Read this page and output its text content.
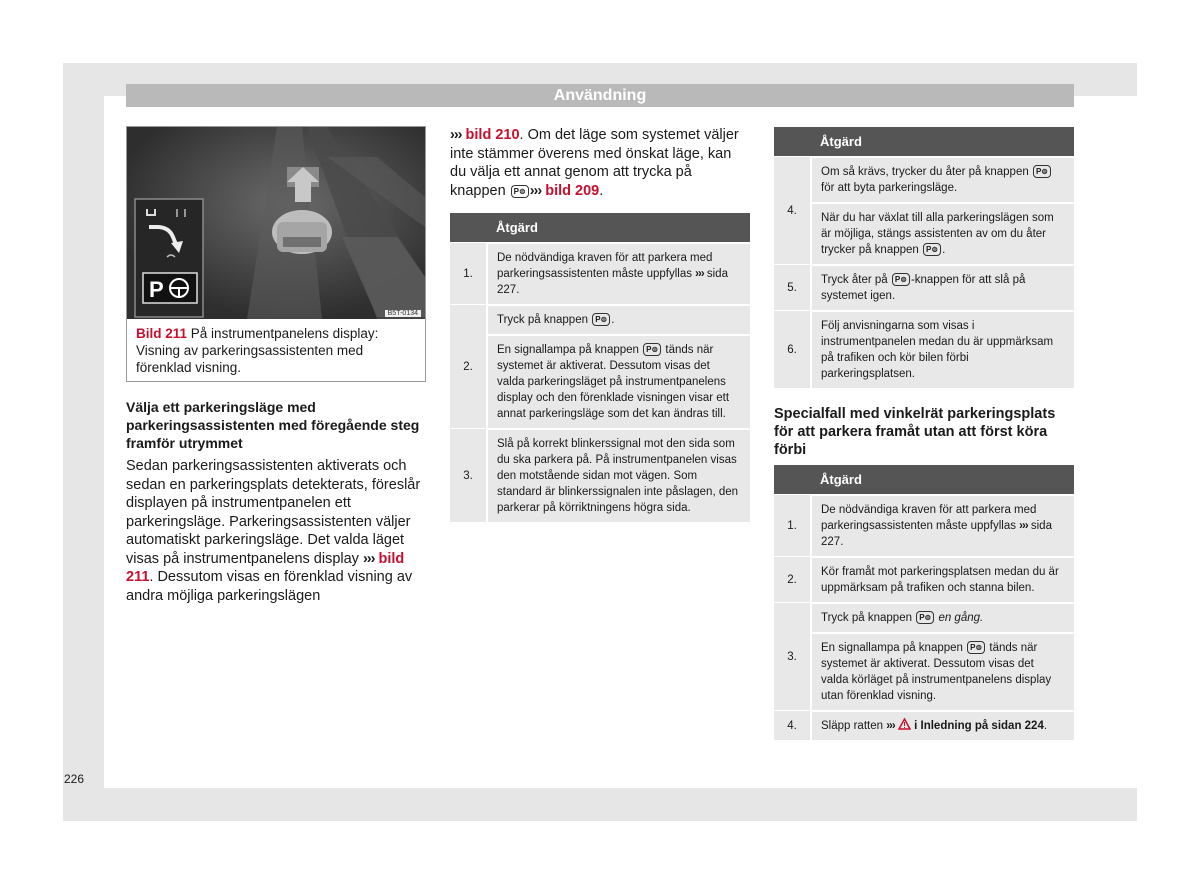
Användning
P
B5T-0134
Bild 211 På instrumentpanelens display: Visning av parkeringsassistenten med förenklad visning.
Välja ett parkeringsläge med parkeringsassistenten med föregående steg framför utrymmet

Sedan parkeringsassistenten aktiverats och sedan en parkeringsplats detekterats, föreslår displayen på instrumentpanelen ett parkeringsläge. Parkeringsassistenten väljer automatiskt parkeringsläge. Det valda läget visas på instrumentpanelens display ››› bild 211. Dessutom visas en förenklad visning av andra möjliga parkeringslägen

››› bild 210. Om det läge som systemet väljer inte stämmer överens med önskat läge, kan du välja ett annat genom att trycka på knappen P⊜ ››› bild 209.

	Åtgärd
1.	De nödvändiga kraven för att parkera med parkeringsassistenten måste uppfyllas ››› sida 227.
2.	Tryck på knappen P⊜ .
	En signallampa på knappen P⊜ tänds när systemet är aktiverat. Dessutom visas det valda parkeringsläget på instrumentpanelens display och den förenklade visningen visar ett annat parkeringsläge som det kan ändras till.
3.	Slå på korrekt blinkerssignal mot den sida som du ska parkera på. På instrumentpanelen visas den motstående sidan mot vägen. Som standard är blinkerssignalen inte påslagen, den parkerar på körriktningens högra sida.
	Åtgärd
4.	Om så krävs, trycker du åter på knappen P⊜ för att byta parkeringsläge.
	När du har växlat till alla parkeringslägen som är möjliga, stängs assistenten av om du åter trycker på knappen P⊜ .
5.	Tryck åter på P⊜ -knappen för att slå på systemet igen.
6.	Följ anvisningarna som visas i instrumentpanelen medan du är uppmärksam på trafiken och kör bilen förbi parkeringsplatsen.
Specialfall med vinkelrät parkeringsplats för att parkera framåt utan att först köra förbi
	Åtgärd
1.	De nödvändiga kraven för att parkera med parkeringsassistenten måste uppfyllas ››› sida 227.
2.	Kör framåt mot parkeringsplatsen medan du är uppmärksam på trafiken och stanna bilen.
3.	Tryck på knappen P⊜ en gång.
	En signallampa på knappen P⊜ tänds när systemet är aktiverat. Dessutom visas det valda körläget på instrumentpanelens display utan förenklad visning.
4.	Släpp ratten ››› i Inledning på sidan 224.
226
